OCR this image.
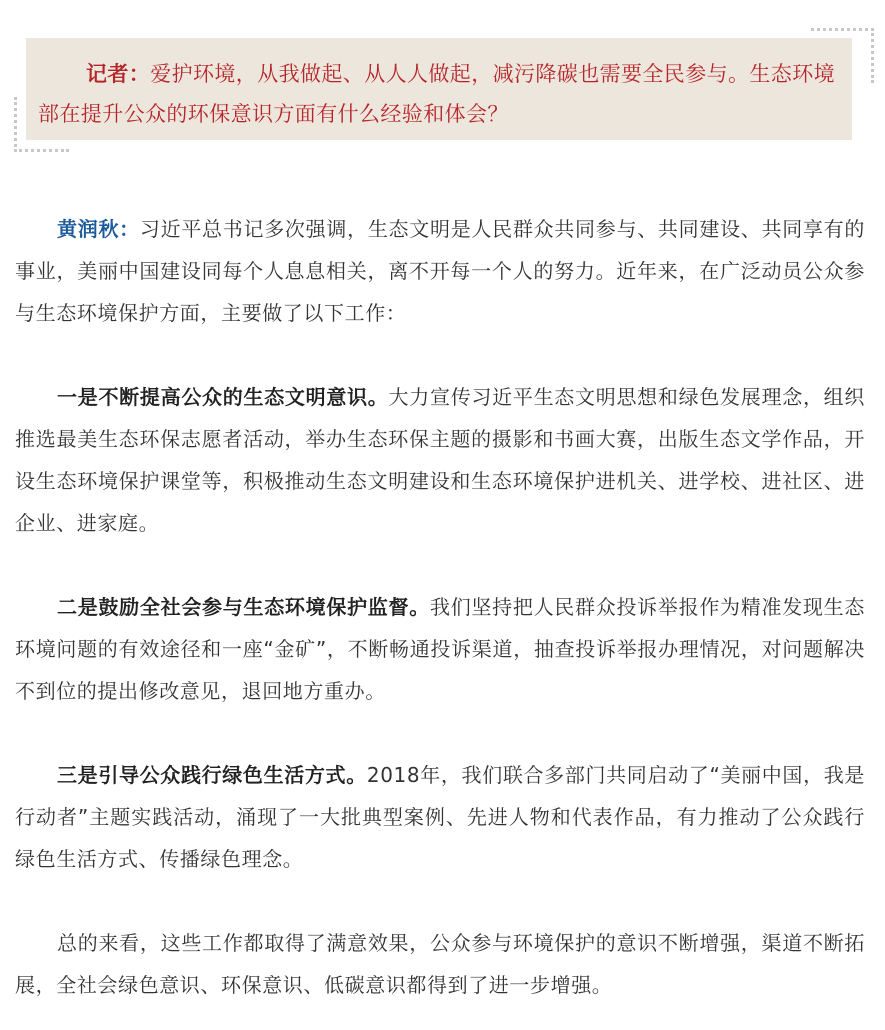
记者：爱护环境，从我做起、从人人做起，减污降碳也需要全民参与。生态环境部在提升公众的环保意识方面有什么经验和体会？

黄润秋：习近平总书记多次强调，生态文明是人民群众共同参与、共同建设、共同享有的事业，美丽中国建设同每个人息息相关，离不开每一个人的努力。近年来，在广泛动员公众参与生态环境保护方面，主要做了以下工作：

一是不断提高公众的生态文明意识。大力宣传习近平生态文明思想和绿色发展理念，组织推选最美生态环保志愿者活动，举办生态环保主题的摄影和书画大赛，出版生态文学作品，开设生态环境保护课堂等，积极推动生态文明建设和生态环境保护进机关、进学校、进社区、进企业、进家庭。

二是鼓励全社会参与生态环境保护监督。我们坚持把人民群众投诉举报作为精准发现生态环境问题的有效途径和一座“金矿”，不断畅通投诉渠道，抽查投诉举报办理情况，对问题解决不到位的提出修改意见，退回地方重办。

三是引导公众践行绿色生活方式。2018年，我们联合多部门共同启动了“美丽中国，我是行动者”主题实践活动，涌现了一大批典型案例、先进人物和代表作品，有力推动了公众践行绿色生活方式、传播绿色理念。

总的来看，这些工作都取得了满意效果，公众参与环境保护的意识不断增强，渠道不断拓展，全社会绿色意识、环保意识、低碳意识都得到了进一步增强。
